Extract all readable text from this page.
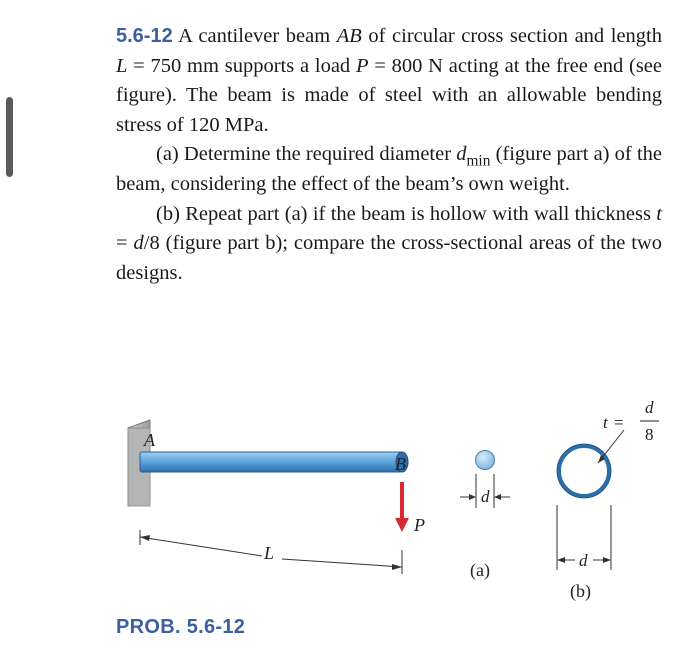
5.6-12 A cantilever beam AB of circular cross section and length L = 750 mm supports a load P = 800 N acting at the free end (see figure). The beam is made of steel with an allowable bending stress of 120 MPa.

(a) Determine the required diameter $d_{min}$ (figure part a) of the beam, considering the effect of the beam’s own weight.

(b) Repeat part (a) if the beam is hollow with wall thickness t = d/8 (figure part b); compare the cross-sectional areas of the two designs.

A
B
P
L
d
(a)
t =
d
8
d
(b)
PROB. 5.6-12
